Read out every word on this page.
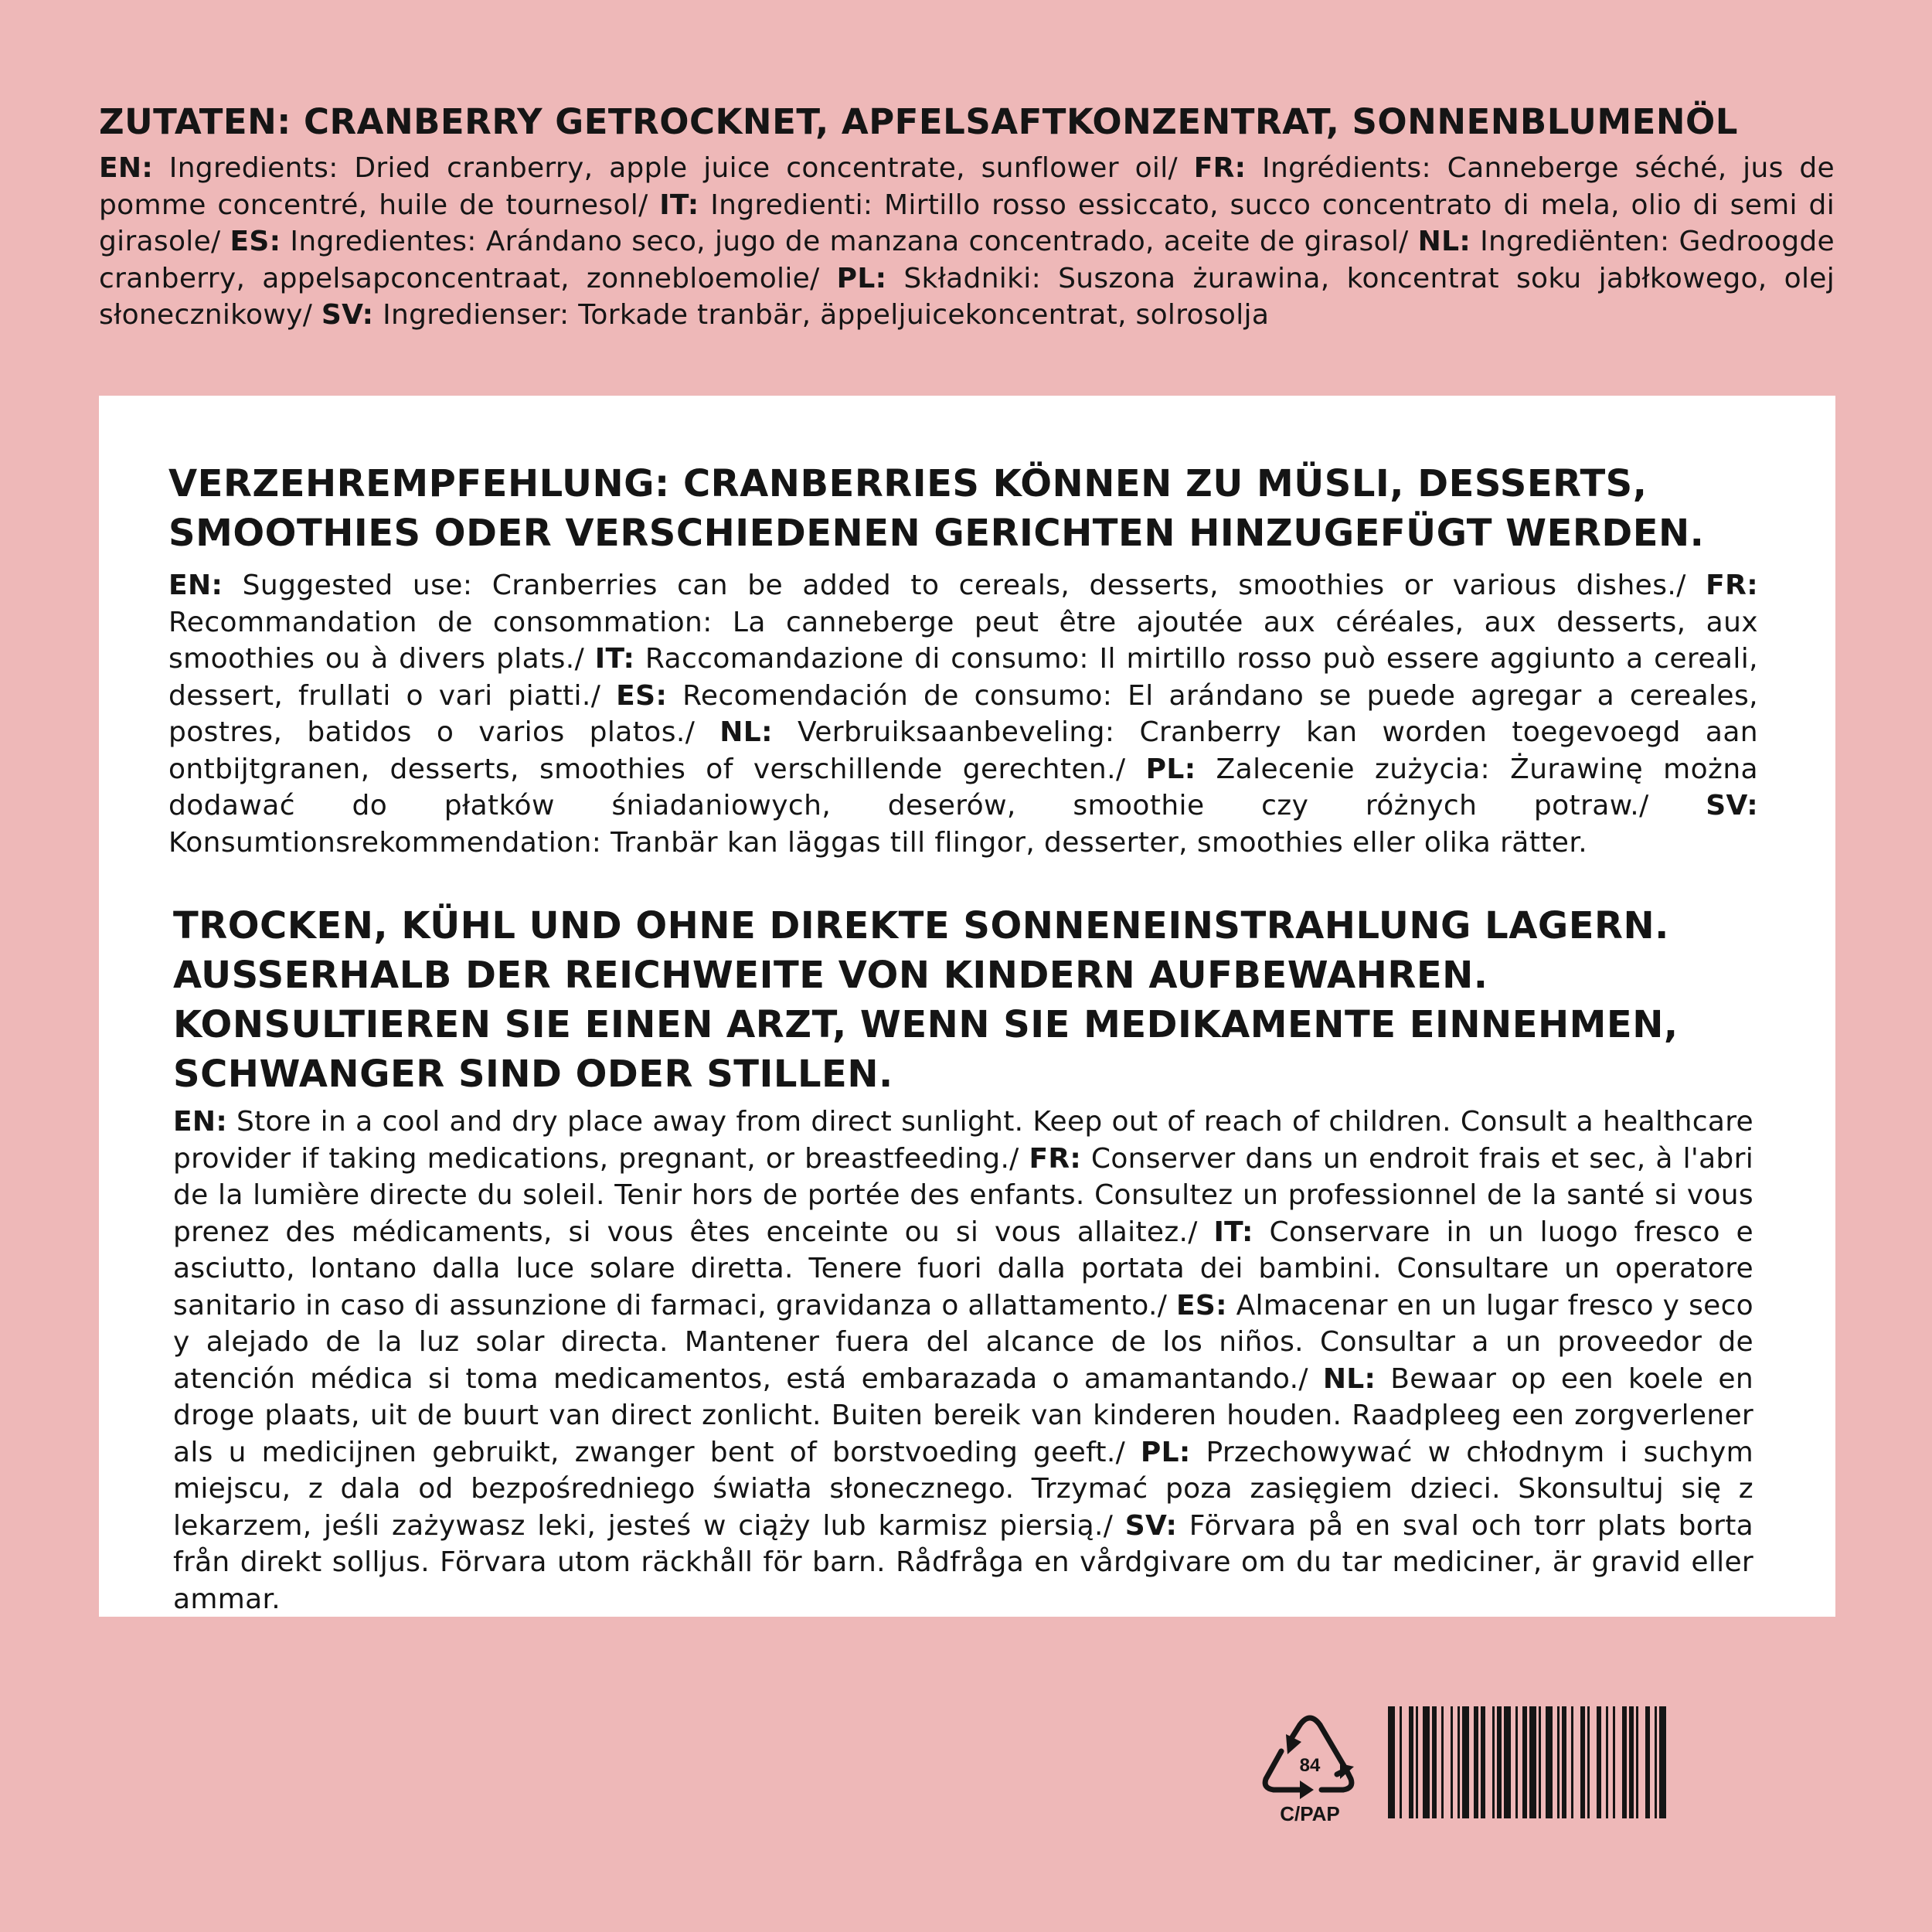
ZUTATEN: CRANBERRY GETROCKNET, APFELSAFTKONZENTRAT, SONNENBLUMENÖL

EN: Ingredients: Dried cranberry, apple juice concentrate, sunflower oil/ FR: Ingrédients: Canneberge séché, jus de pomme concentré, huile de tournesol/ IT: Ingredienti: Mirtillo rosso essiccato, succo concentrato di mela, olio di semi di girasole/ ES: Ingredientes: Arándano seco, jugo de manzana concentrado, aceite de girasol/ NL: Ingrediënten: Gedroogde cranberry, appelsapconcentraat, zonnebloemolie/ PL: Składniki: Suszona żurawina, koncentrat soku jabłkowego, olej słonecznikowy/ SV: Ingredienser: Torkade tranbär, äppeljuicekoncentrat, solrosolja

VERZEHREMPFEHLUNG: CRANBERRIES KÖNNEN ZU MÜSLI, DESSERTS, SMOOTHIES ODER VERSCHIEDENEN GERICHTEN HINZUGEFÜGT WERDEN.

EN: Suggested use: Cranberries can be added to cereals, desserts, smoothies or various dishes./ FR: Recommandation de consommation: La canneberge peut être ajoutée aux céréales, aux desserts, aux smoothies ou à divers plats./ IT: Raccomandazione di consumo: Il mirtillo rosso può essere aggiunto a cereali, dessert, frullati o vari piatti./ ES: Recomendación de consumo: El arándano se puede agregar a cereales, postres, batidos o varios platos./ NL: Verbruiksaanbeveling: Cranberry kan worden toegevoegd aan ontbijtgranen, desserts, smoothies of verschillende gerechten./ PL: Zalecenie zużycia: Żurawinę można dodawać do płatków śniadaniowych, deserów, smoothie czy różnych potraw./ SV: Konsumtionsrekommendation: Tranbär kan läggas till flingor, desserter, smoothies eller olika rätter.

TROCKEN, KÜHL UND OHNE DIREKTE SONNENEINSTRAHLUNG LAGERN. AUSSERHALB DER REICHWEITE VON KINDERN AUFBEWAHREN. KONSULTIEREN SIE EINEN ARZT, WENN SIE MEDIKAMENTE EINNEHMEN, SCHWANGER SIND ODER STILLEN.

EN: Store in a cool and dry place away from direct sunlight. Keep out of reach of children. Consult a healthcare provider if taking medications, pregnant, or breastfeeding./ FR: Conserver dans un endroit frais et sec, à l'abri de la lumière directe du soleil. Tenir hors de portée des enfants. Consultez un professionnel de la santé si vous prenez des médicaments, si vous êtes enceinte ou si vous allaitez./ IT: Conservare in un luogo fresco e asciutto, lontano dalla luce solare diretta. Tenere fuori dalla portata dei bambini. Consultare un operatore sanitario in caso di assunzione di farmaci, gravidanza o allattamento./ ES: Almacenar en un lugar fresco y seco y alejado de la luz solar directa. Mantener fuera del alcance de los niños. Consultar a un proveedor de atención médica si toma medicamentos, está embarazada o amamantando./ NL: Bewaar op een koele en droge plaats, uit de buurt van direct zonlicht. Buiten bereik van kinderen houden. Raadpleeg een zorgverlener als u medicijnen gebruikt, zwanger bent of borstvoeding geeft./ PL: Przechowywać w chłodnym i suchym miejscu, z dala od bezpośredniego światła słonecznego. Trzymać poza zasięgiem dzieci. Skonsultuj się z lekarzem, jeśli zażywasz leki, jesteś w ciąży lub karmisz piersią./ SV: Förvara på en sval och torr plats borta från direkt solljus. Förvara utom räckhåll för barn. Rådfråga en vårdgivare om du tar mediciner, är gravid eller ammar.

84
C/PAP
